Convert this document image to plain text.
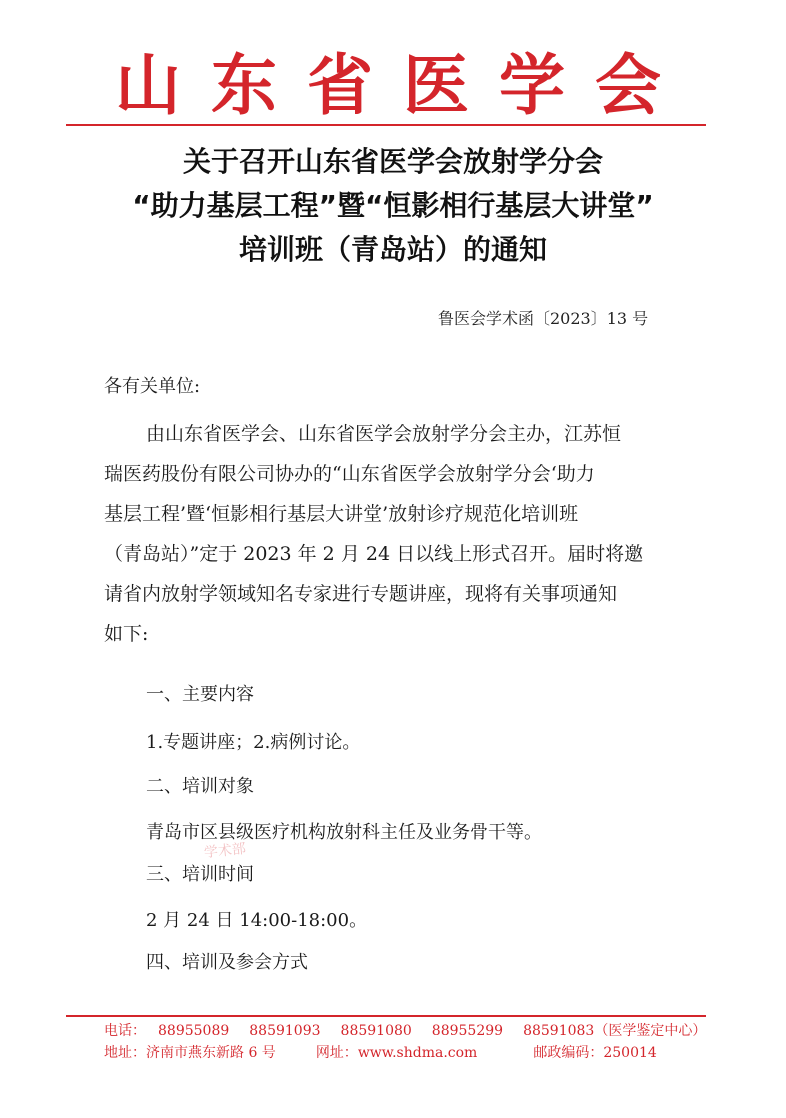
山东省医学会
关于召开山东省医学会放射学分会
“助力基层工程”暨“恒影相行基层大讲堂”
培训班（青岛站）的通知
鲁医会学术函〔2023〕13 号
各有关单位:
由山东省医学会、山东省医学会放射学分会主办，江苏恒
瑞医药股份有限公司协办的“山东省医学会放射学分会‘助力
基层工程’暨‘恒影相行基层大讲堂’放射诊疗规范化培训班
（青岛站）”定于 2023 年 2 月 24 日以线上形式召开。届时将邀
请省内放射学领域知名专家进行专题讲座，现将有关事项通知
如下:
一、主要内容
1.专题讲座；2.病例讨论。
二、培训对象
青岛市区县级医疗机构放射科主任及业务骨干等。
学术部
三、培训时间
2 月 24 日 14:00-18:00。
四、培训及参会方式
电话： 88955089 88591093 88591080 88955299 88591083（医学鉴定中心）
地址：济南市燕东新路 6 号	网址：www.shdma.com	邮政编码：250014
